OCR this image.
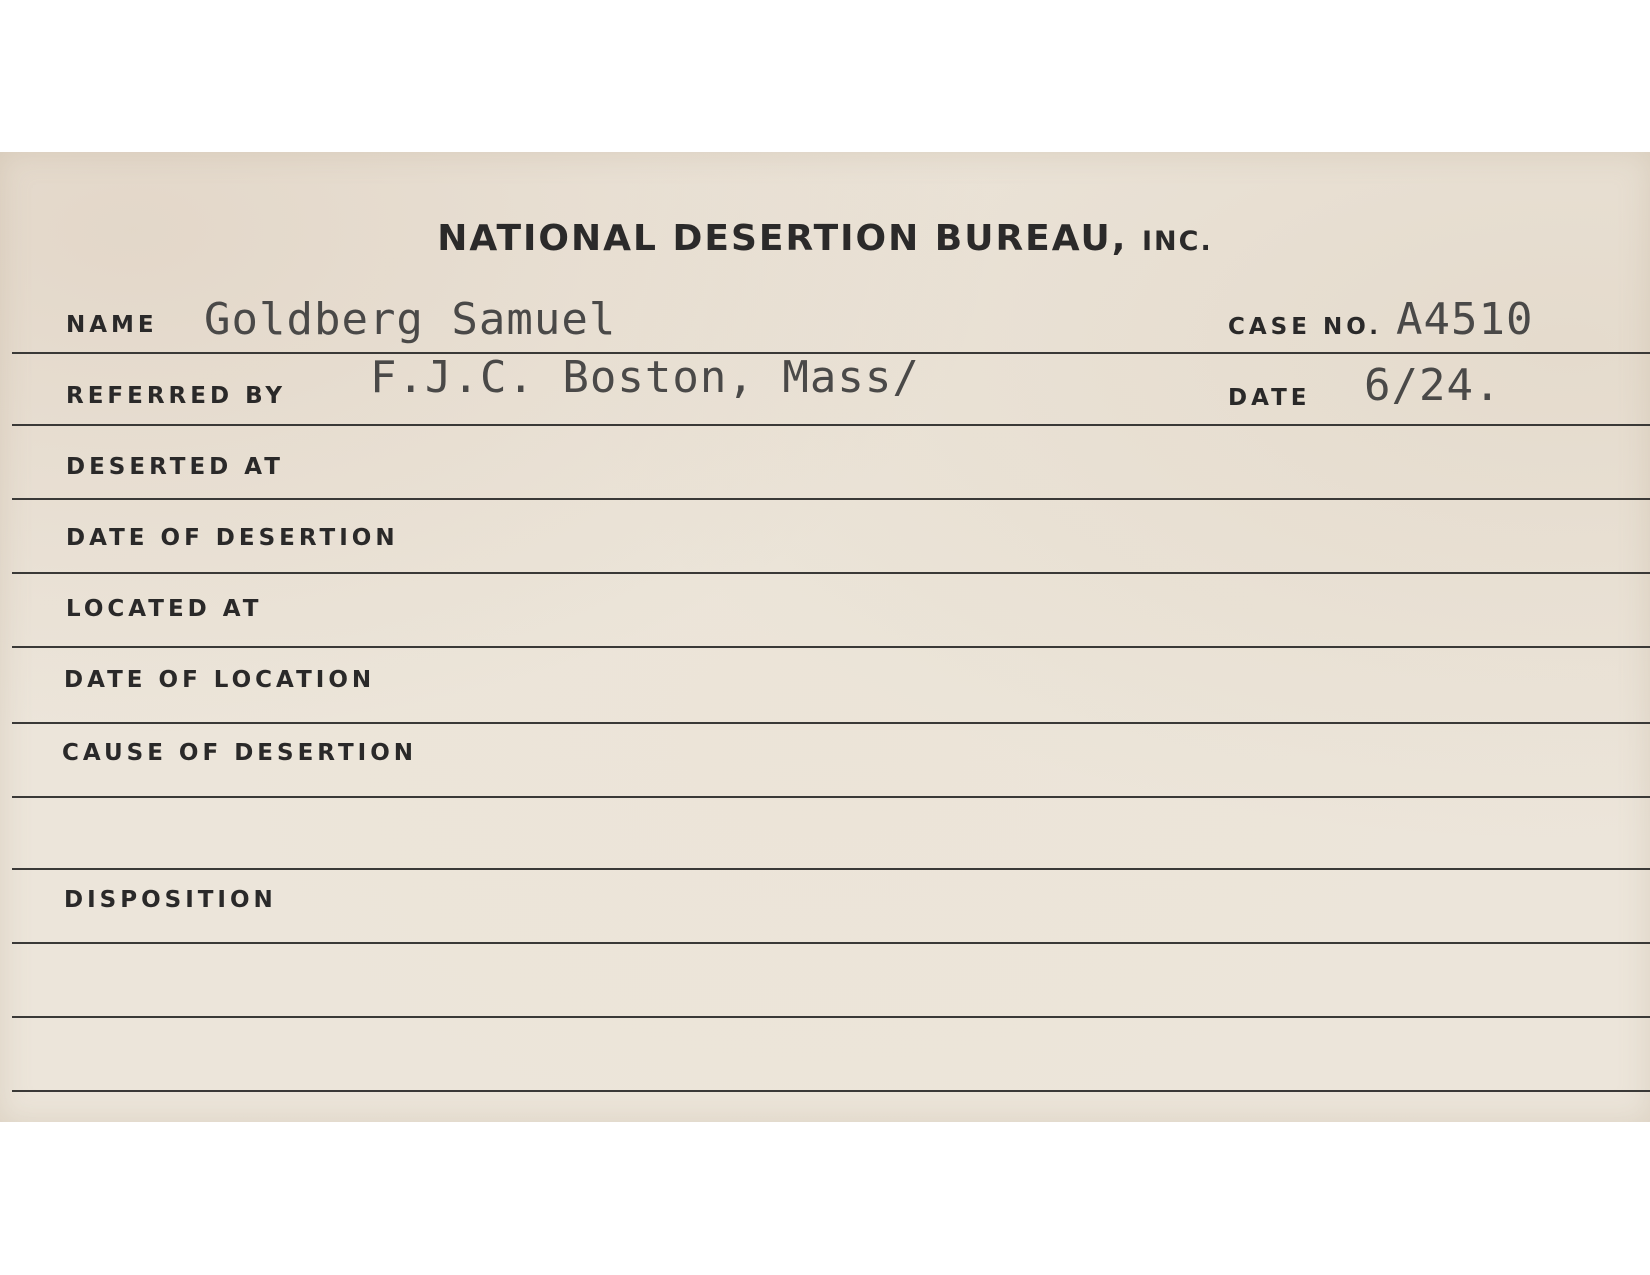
NATIONAL DESERTION BUREAU, INC.
NAME Goldberg Samuel	CASE NO. A4510
REFERRED BY F.J.C. Boston, Mass/	DATE 6/24.
DESERTED AT
DATE OF DESERTION
LOCATED AT
DATE OF LOCATION
CAUSE OF DESERTION
DISPOSITION
